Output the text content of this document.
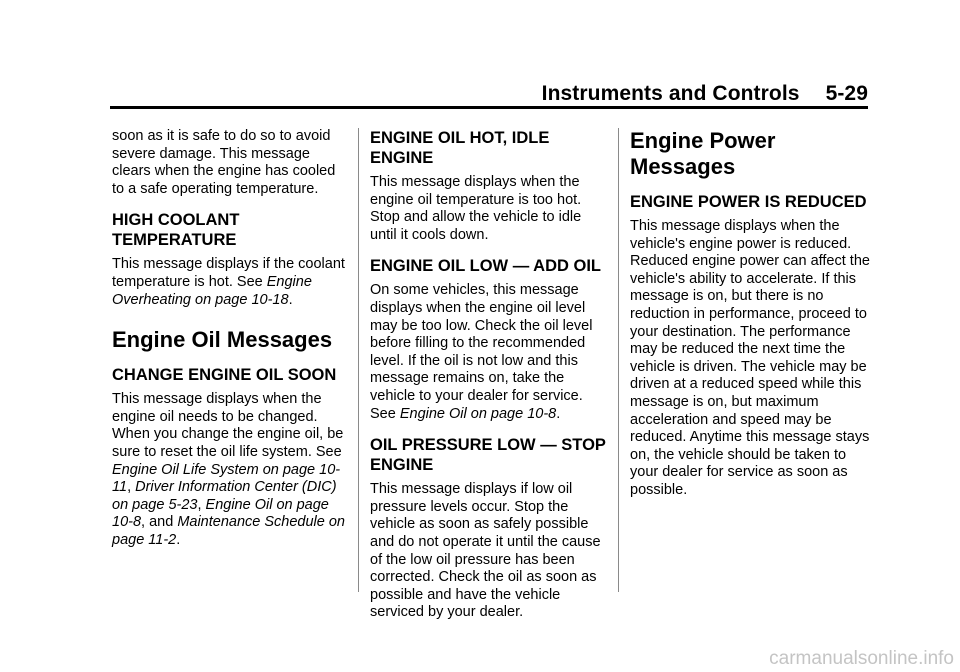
Instruments and Controls 5-29

soon as it is safe to do so to avoid severe damage. This message clears when the engine has cooled to a safe operating temperature.

HIGH COOLANT TEMPERATURE

This message displays if the coolant temperature is hot. See Engine Overheating on page 10-18.

Engine Oil Messages
CHANGE ENGINE OIL SOON

This message displays when the engine oil needs to be changed. When you change the engine oil, be sure to reset the oil life system. See Engine Oil Life System on page 10-11, Driver Information Center (DIC) on page 5-23, Engine Oil on page 10-8, and Maintenance Schedule on page 11-2.

ENGINE OIL HOT, IDLE ENGINE

This message displays when the engine oil temperature is too hot. Stop and allow the vehicle to idle until it cools down.

ENGINE OIL LOW — ADD OIL

On some vehicles, this message displays when the engine oil level may be too low. Check the oil level before filling to the recommended level. If the oil is not low and this message remains on, take the vehicle to your dealer for service. See Engine Oil on page 10-8.

OIL PRESSURE LOW — STOP ENGINE

This message displays if low oil pressure levels occur. Stop the vehicle as soon as safely possible and do not operate it until the cause of the low oil pressure has been corrected. Check the oil as soon as possible and have the vehicle serviced by your dealer.

Engine Power Messages
ENGINE POWER IS REDUCED

This message displays when the vehicle's engine power is reduced. Reduced engine power can affect the vehicle's ability to accelerate. If this message is on, but there is no reduction in performance, proceed to your destination. The performance may be reduced the next time the vehicle is driven. The vehicle may be driven at a reduced speed while this message is on, but maximum acceleration and speed may be reduced. Anytime this message stays on, the vehicle should be taken to your dealer for service as soon as possible.

carmanualsonline.info
